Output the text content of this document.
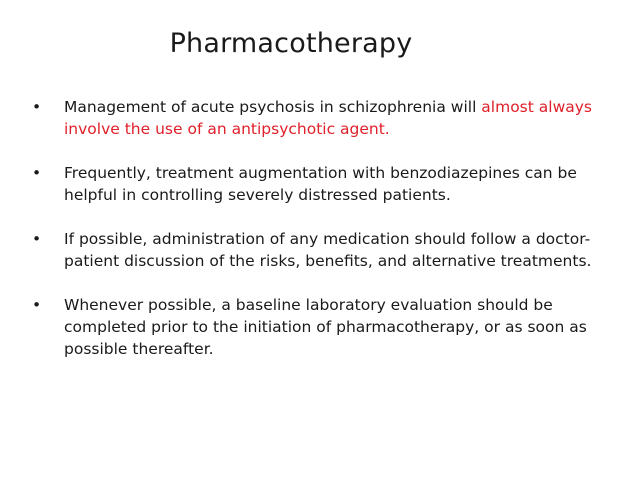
Pharmacotherapy
•	Management of acute psychosis in schizophrenia will almost always involve the use of an antipsychotic agent.
•	Frequently, treatment augmentation with benzodiazepines can be helpful in controlling severely distressed patients.
•	If possible, administration of any medication should follow a doctor-patient discussion of the risks, benefits, and alternative treatments.
•	Whenever possible, a baseline laboratory evaluation should be completed prior to the initiation of pharmacotherapy, or as soon as possible thereafter.
